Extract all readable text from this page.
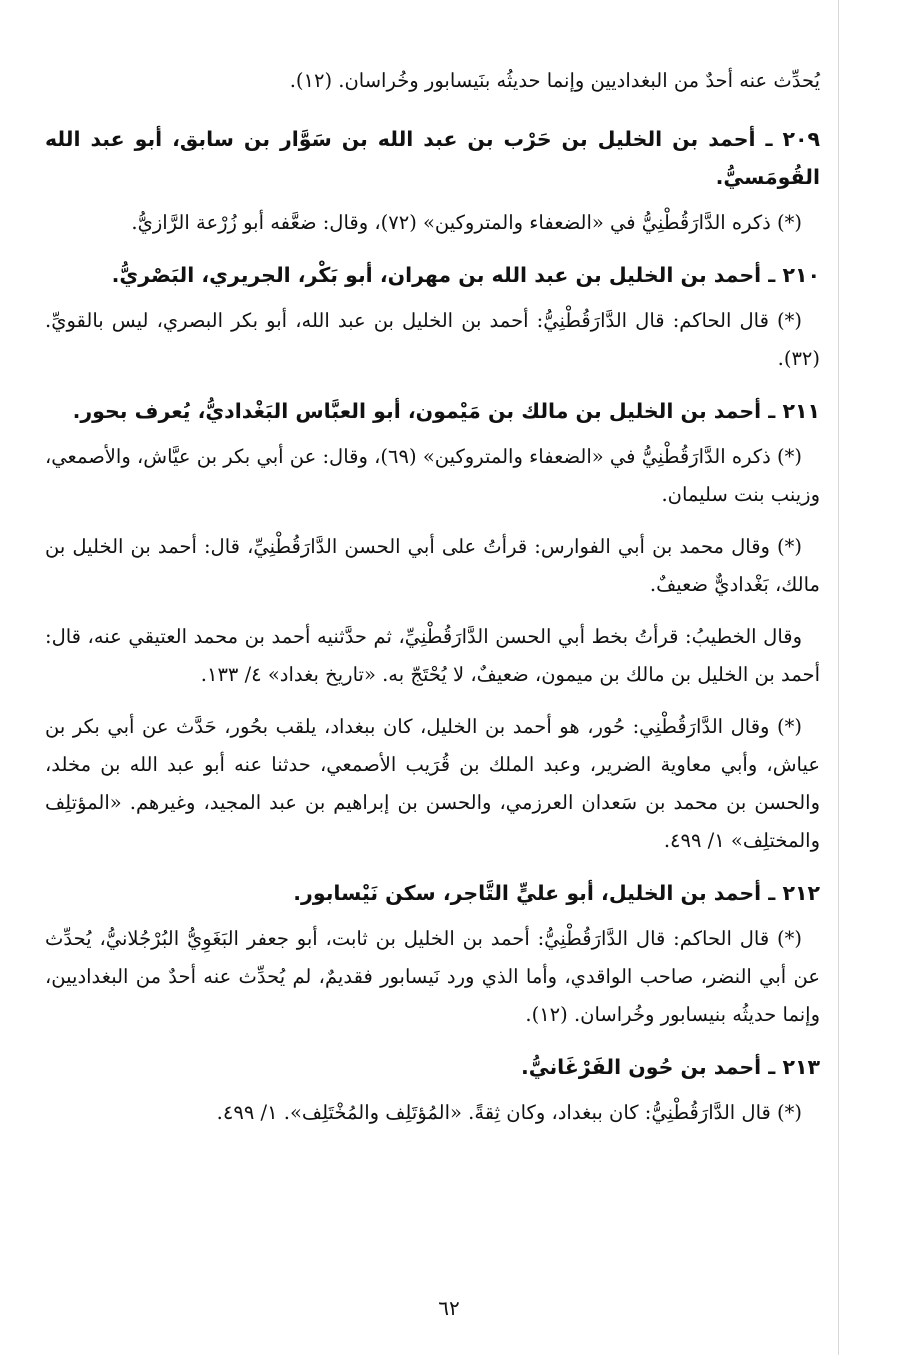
يُحدِّث عنه أحدٌ من البغداديين وإنما حديثُه بنَيسابور وخُراسان. (١٢).

٢٠٩ ـ أحمد بن الخليل بن حَرْب بن عبد الله بن سَوَّار بن سابق، أبو عبد الله القُومَسيُّ.

(*) ذكره الدَّارَقُطْنِيُّ في «الضعفاء والمتروكين» (٧٢)، وقال: ضعَّفه أبو زُرْعة الرَّازيُّ.

٢١٠ ـ أحمد بن الخليل بن عبد الله بن مهران، أبو بَكْر، الجريري، البَصْريُّ.

(*) قال الحاكم: قال الدَّارَقُطْنِيُّ: أحمد بن الخليل بن عبد الله، أبو بكر البصري، ليس بالقويِّ. (٣٢).

٢١١ ـ أحمد بن الخليل بن مالك بن مَيْمون، أبو العبَّاس البَغْداديُّ، يُعرف بحور.

(*) ذكره الدَّارَقُطْنِيُّ في «الضعفاء والمتروكين» (٦٩)، وقال: عن أبي بكر بن عيَّاش، والأصمعي، وزينب بنت سليمان.

(*) وقال محمد بن أبي الفوارس: قرأتُ على أبي الحسن الدَّارَقُطْنِيِّ، قال: أحمد بن الخليل بن مالك، بَغْداديٌّ ضعيفٌ.

وقال الخطيبُ: قرأتُ بخط أبي الحسن الدَّارَقُطْنِيِّ، ثم حدَّثنيه أحمد بن محمد العتيقي عنه، قال: أحمد بن الخليل بن مالك بن ميمون، ضعيفٌ، لا يُحْتَجّ به. «تاريخ بغداد» ٤/ ١٣٣.

(*) وقال الدَّارَقُطْنِي: حُور، هو أحمد بن الخليل، كان ببغداد، يلقب بحُور، حَدَّث عن أبي بكر بن عياش، وأبي معاوية الضرير، وعبد الملك بن قُرَيب الأصمعي، حدثنا عنه أبو عبد الله بن مخلد، والحسن بن محمد بن سَعدان العرزمي، والحسن بن إبراهيم بن عبد المجيد، وغيرهم. «المؤتلِف والمختلِف» ١/ ٤٩٩.

٢١٢ ـ أحمد بن الخليل، أبو عليٍّ التَّاجر، سكن نَيْسابور.

(*) قال الحاكم: قال الدَّارَقُطْنِيُّ: أحمد بن الخليل بن ثابت، أبو جعفر البَغَوِيُّ البُرْجُلانيُّ، يُحدِّث عن أبي النضر، صاحب الواقدي، وأما الذي ورد نَيسابور فقديمٌ، لم يُحدِّث عنه أحدٌ من البغداديين، وإنما حديثُه بنيسابور وخُراسان. (١٢).

٢١٣ ـ أحمد بن حُون الفَرْغَانيُّ.

(*) قال الدَّارَقُطْنِيُّ: كان ببغداد، وكان ثِقةً. «المُؤتَلِف والمُخْتَلِف». ١/ ٤٩٩.

٦٢
